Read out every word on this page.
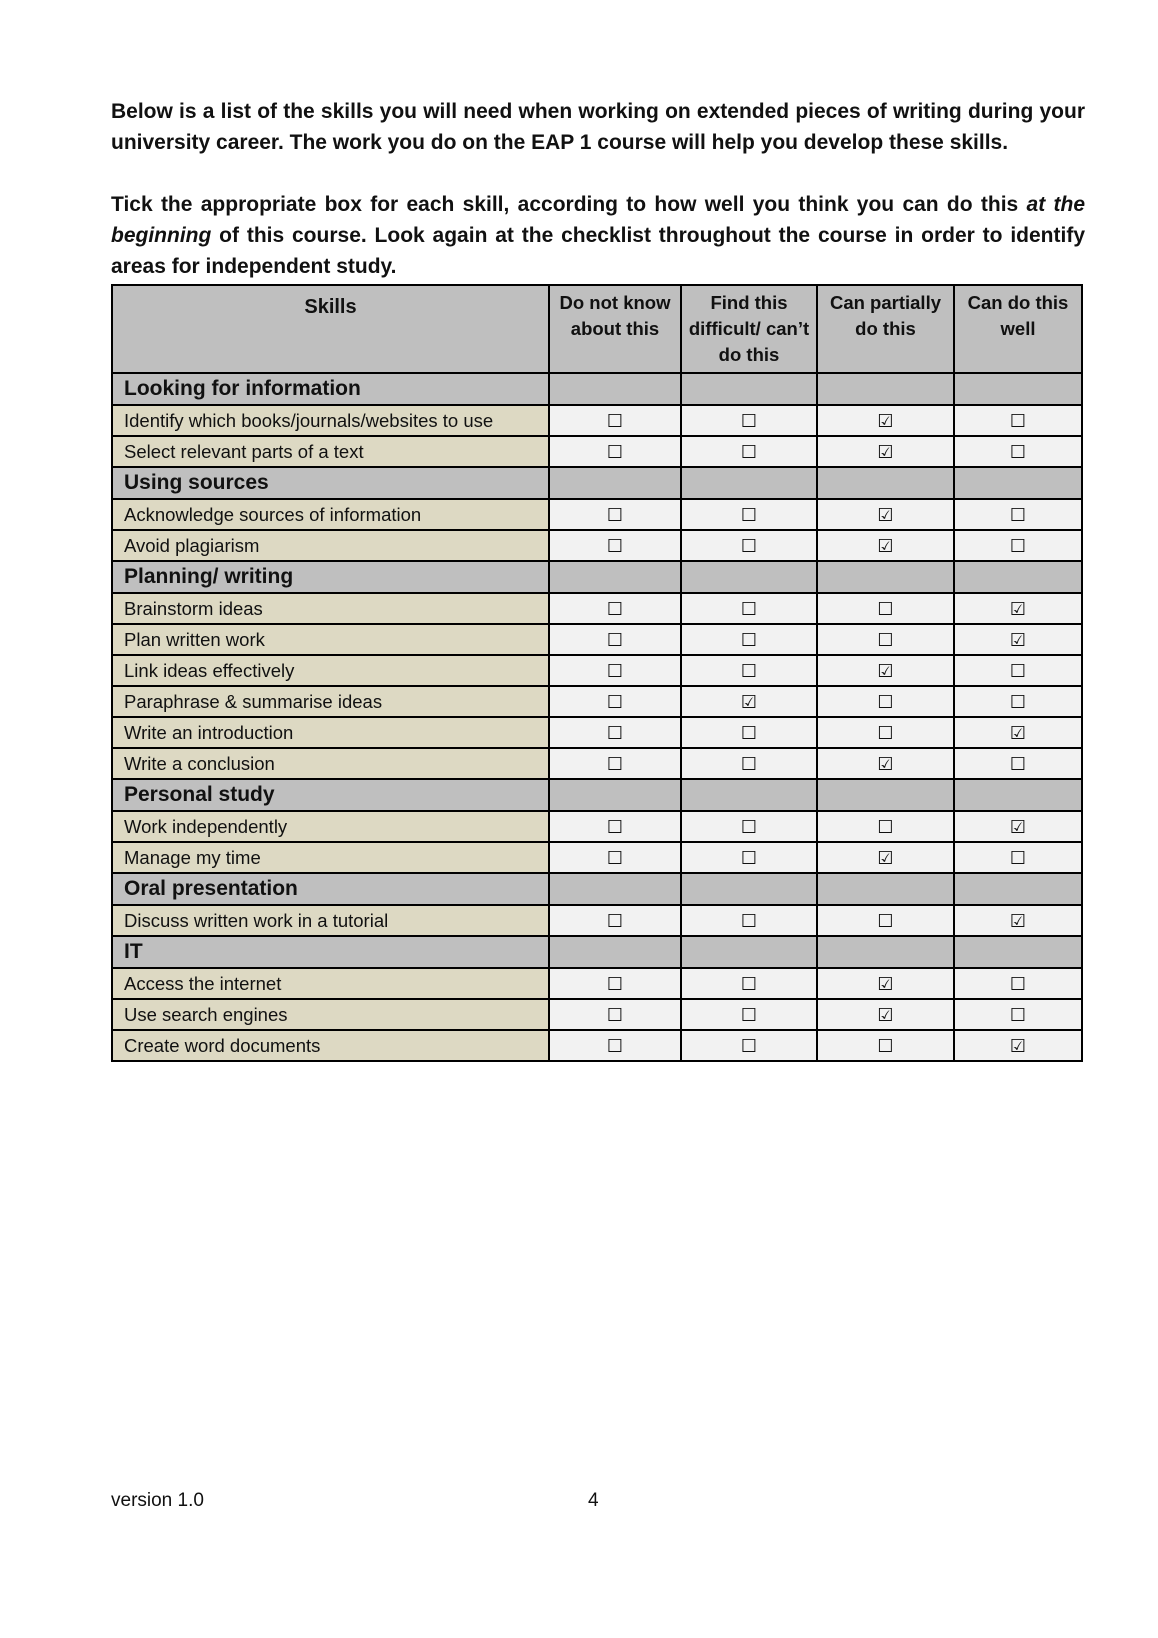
Below is a list of the skills you will need when working on extended pieces of writing during your university career. The work you do on the EAP 1 course will help you develop these skills.

Tick the appropriate box for each skill, according to how well you think you can do this at the beginning of this course. Look again at the checklist throughout the course in order to identify areas for independent study.

Skills	Do not know about this	Find this difficult/ can’t do this	Can partially do this	Can do this well
Looking for information				
Identify which books/journals/websites to use	☐	☐	☑	☐
Select relevant parts of a text	☐	☐	☑	☐
Using sources				
Acknowledge sources of information	☐	☐	☑	☐
Avoid plagiarism	☐	☐	☑	☐
Planning/ writing				
Brainstorm ideas	☐	☐	☐	☑
Plan written work	☐	☐	☐	☑
Link ideas effectively	☐	☐	☑	☐
Paraphrase & summarise ideas	☐	☑	☐	☐
Write an introduction	☐	☐	☐	☑
Write a conclusion	☐	☐	☑	☐
Personal study				
Work independently	☐	☐	☐	☑
Manage my time	☐	☐	☑	☐
Oral presentation				
Discuss written work in a tutorial	☐	☐	☐	☑
IT				
Access the internet	☐	☐	☑	☐
Use search engines	☐	☐	☑	☐
Create word documents	☐	☐	☐	☑
version 1.0	4
